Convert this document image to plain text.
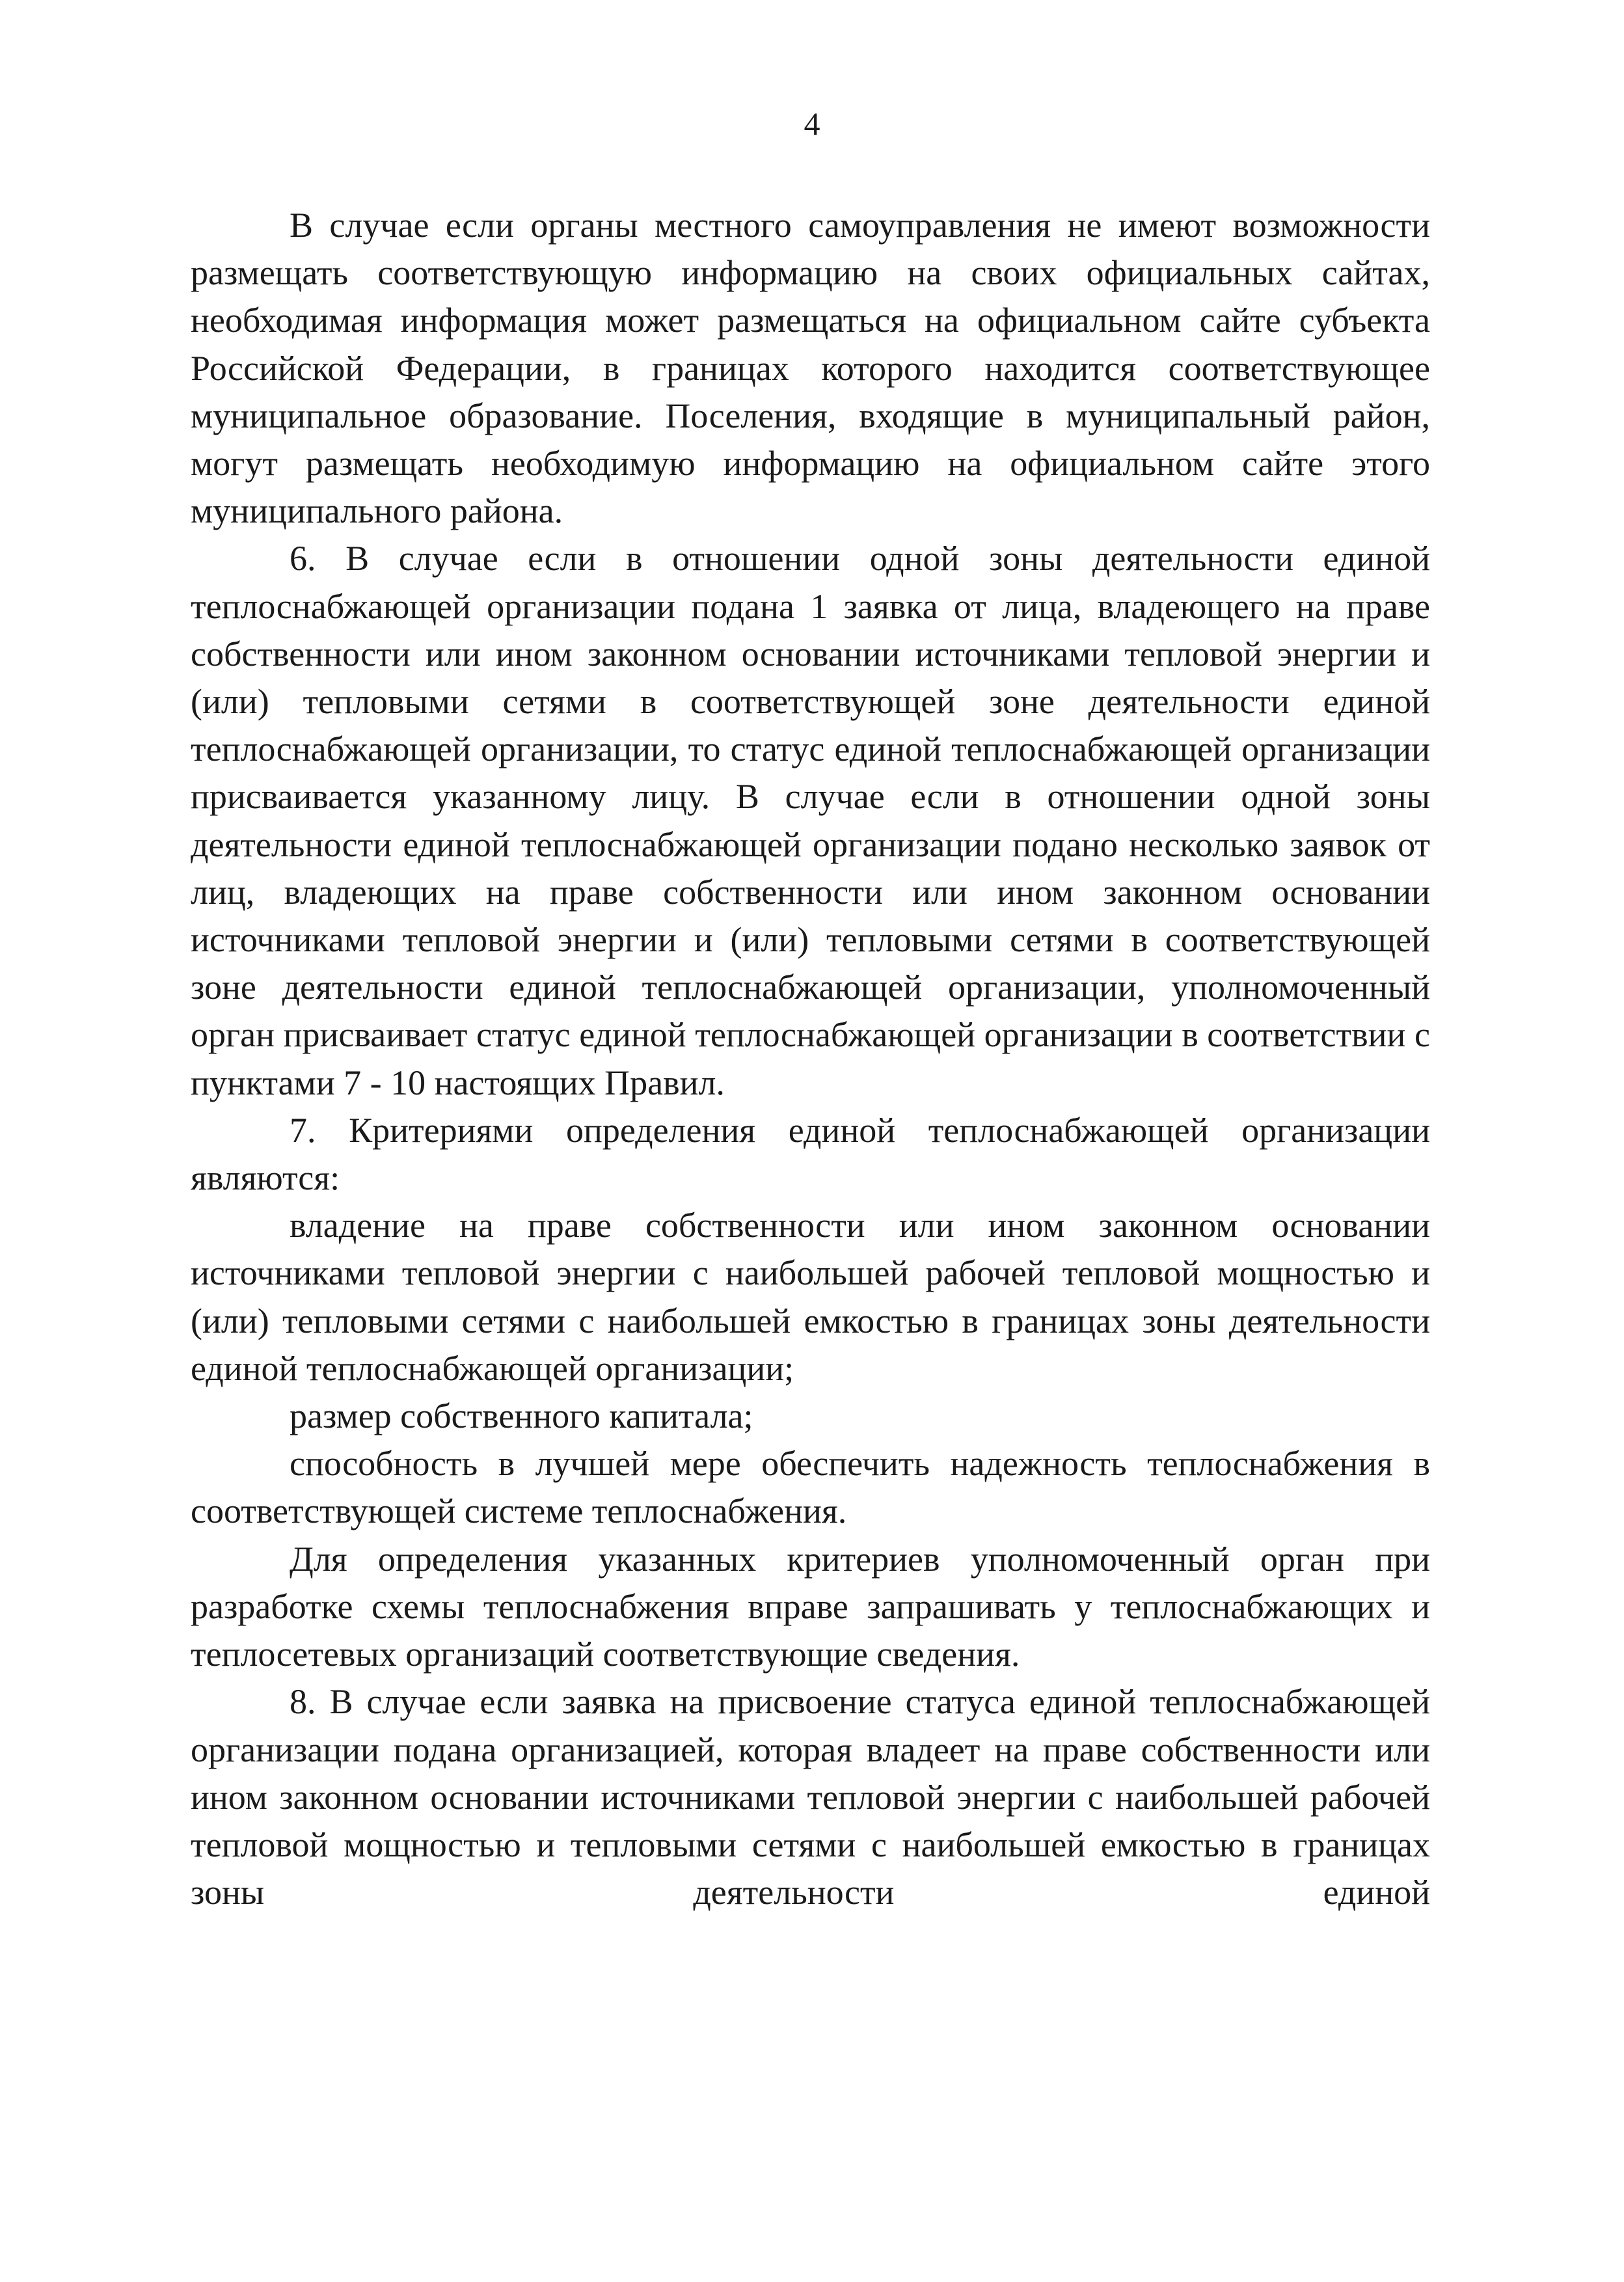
4

В случае если органы местного самоуправления не имеют возможности размещать соответствующую информацию на своих официальных сайтах, необходимая информация может размещаться на официальном сайте субъекта Российской Федерации, в границах которого находится соответствующее муниципальное образование. Поселения, входящие в муниципальный район, могут размещать необходимую информацию на официальном сайте этого муниципального района.

6. В случае если в отношении одной зоны деятельности единой теплоснабжающей организации подана 1 заявка от лица, владеющего на праве собственности или ином законном основании источниками тепловой энергии и (или) тепловыми сетями в соответствующей зоне деятельности единой теплоснабжающей организации, то статус единой теплоснабжающей организации присваивается указанному лицу. В случае если в отношении одной зоны деятельности единой теплоснабжающей организации подано несколько заявок от лиц, владеющих на праве собственности или ином законном основании источниками тепловой энергии и (или) тепловыми сетями в соответствующей зоне деятельности единой теплоснабжающей организации, уполномоченный орган присваивает статус единой теплоснабжающей организации в соответствии с пунктами 7 - 10 настоящих Правил.

7. Критериями определения единой теплоснабжающей организации являются:

владение на праве собственности или ином законном основании источниками тепловой энергии с наибольшей рабочей тепловой мощностью и (или) тепловыми сетями с наибольшей емкостью в границах зоны деятельности единой теплоснабжающей организации;

размер собственного капитала;

способность в лучшей мере обеспечить надежность теплоснабжения в соответствующей системе теплоснабжения.

Для определения указанных критериев уполномоченный орган при разработке схемы теплоснабжения вправе запрашивать у теплоснабжающих и теплосетевых организаций соответствующие сведения.

8. В случае если заявка на присвоение статуса единой теплоснабжающей организации подана организацией, которая владеет на праве собственности или ином законном основании источниками тепловой энергии с наибольшей рабочей тепловой мощностью и тепловыми сетями с наибольшей емкостью в границах зоны деятельности единой
